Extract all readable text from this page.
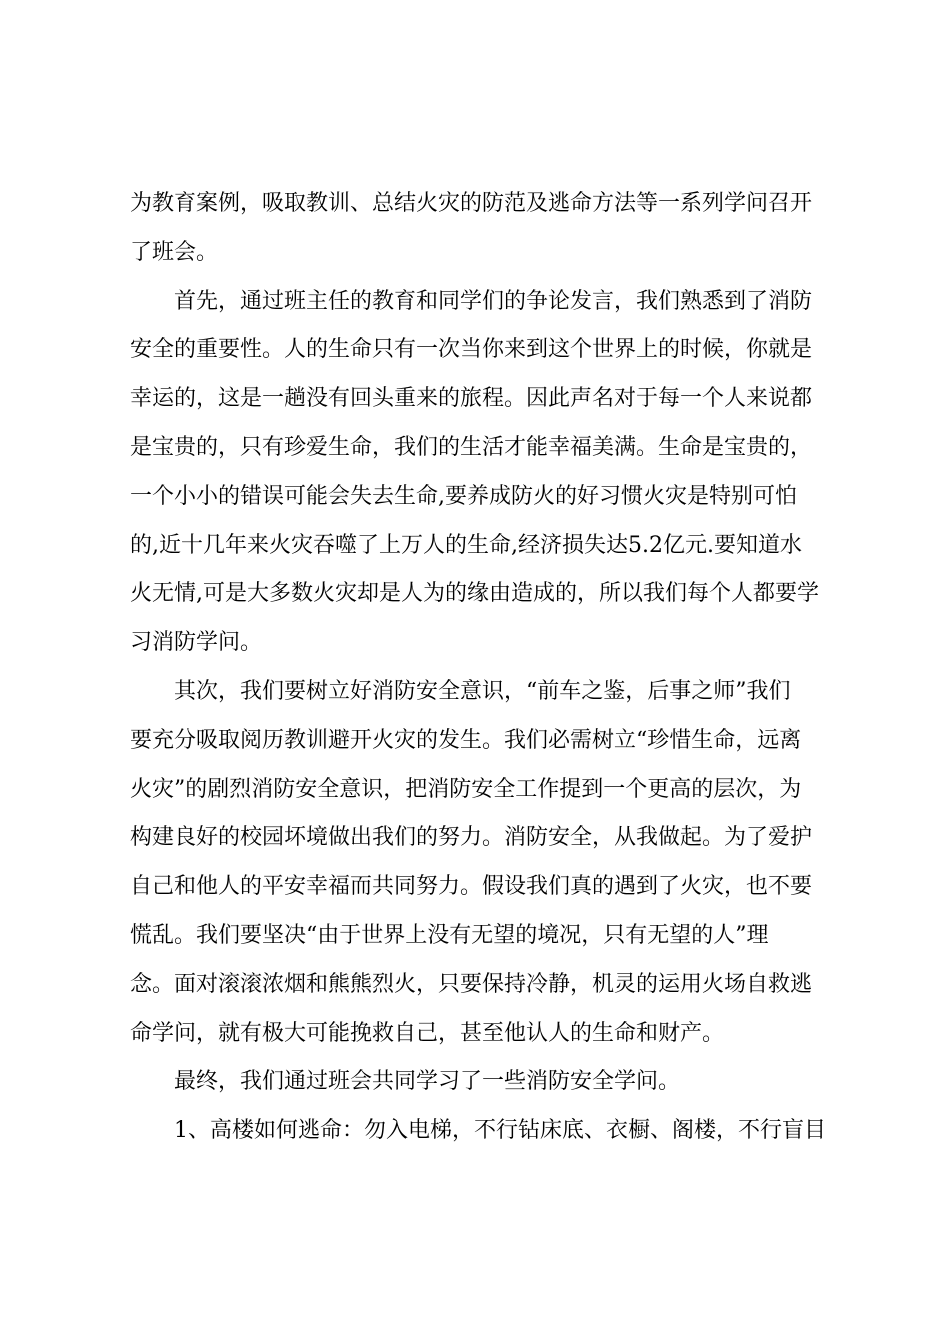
为教育案例，吸取教训、总结火灾的防范及逃命方法等一系列学问召开
了班会。
首先，通过班主任的教育和同学们的争论发言，我们熟悉到了消防
安全的重要性。人的生命只有一次当你来到这个世界上的时候，你就是
幸运的，这是一趟没有回头重来的旅程。因此声名对于每一个人来说都
是宝贵的，只有珍爱生命，我们的生活才能幸福美满。生命是宝贵的，
一个小小的错误可能会失去生命,要养成防火的好习惯火灾是特别可怕
的,近十几年来火灾吞噬了上万人的生命,经济损失达5.2亿元.要知道水
火无情,可是大多数火灾却是人为的缘由造成的，所以我们每个人都要学
习消防学问。
其次，我们要树立好消防安全意识，“前车之鉴，后事之师”我们
要充分吸取阅历教训避开火灾的发生。我们必需树立“珍惜生命，远离
火灾”的剧烈消防安全意识，把消防安全工作提到一个更高的层次，为
构建良好的校园坏境做出我们的努力。消防安全，从我做起。为了爱护
自己和他人的平安幸福而共同努力。假设我们真的遇到了火灾，也不要
慌乱。我们要坚决“由于世界上没有无望的境况，只有无望的人”理
念。面对滚滚浓烟和熊熊烈火，只要保持冷静，机灵的运用火场自救逃
命学问，就有极大可能挽救自己，甚至他认人的生命和财产。
最终，我们通过班会共同学习了一些消防安全学问。
1、高楼如何逃命：勿入电梯，不行钻床底、衣橱、阁楼，不行盲目
